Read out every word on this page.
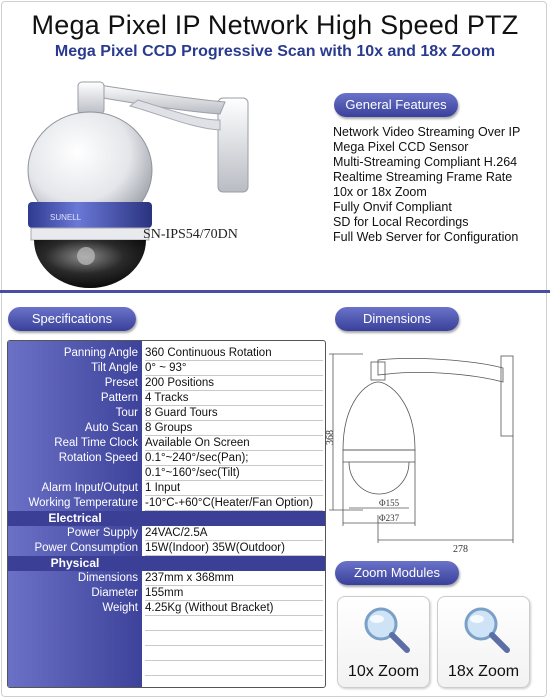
Mega Pixel IP Network High Speed PTZ
Mega Pixel CCD Progressive Scan with 10x and 18x Zoom
SUNELL
SN-IPS54/70DN
General Features
Network Video Streaming Over IP
Mega Pixel CCD Sensor
Multi-Streaming Compliant H.264
Realtime Streaming Frame Rate
10x or 18x Zoom
Fully Onvif Compliant
SD for Local Recordings
Full Web Server for Configuration
Specifications
Panning Angle 360 Continuous Rotation
Tilt Angle 0° ~ 93°
Preset 200 Positions
Pattern 4 Tracks
Tour 8 Guard Tours
Auto Scan 8 Groups
Real Time Clock Available On Screen
Rotation Speed 0.1°~240°/sec(Pan);
0.1°~160°/sec(Tilt)
Alarm Input/Output 1 Input
Working Temperature -10°C-+60°C(Heater/Fan Option)
Electrical
Power Supply 24VAC/2.5A
Power Consumption 15W(Indoor) 35W(Outdoor)
Physical
Dimensions 237mm x 368mm
Diameter 155mm
Weight 4.25Kg (Without Bracket)
Dimensions
368
Φ155
Φ237
278
Zoom Modules
10x Zoom	18x Zoom
